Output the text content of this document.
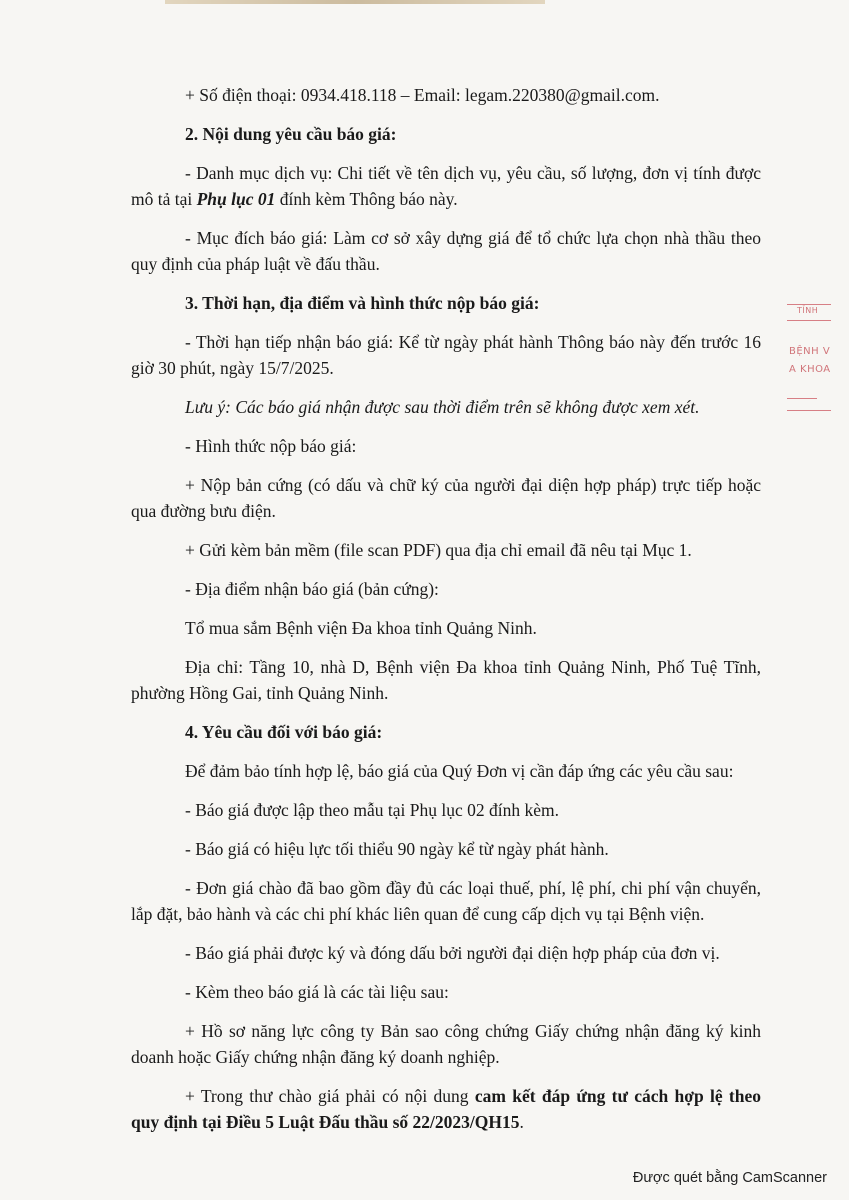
+ Số điện thoại: 0934.418.118 – Email: legam.220380@gmail.com.

2. Nội dung yêu cầu báo giá:

- Danh mục dịch vụ: Chi tiết về tên dịch vụ, yêu cầu, số lượng, đơn vị tính được mô tả tại Phụ lục 01 đính kèm Thông báo này.

- Mục đích báo giá: Làm cơ sở xây dựng giá để tổ chức lựa chọn nhà thầu theo quy định của pháp luật về đấu thầu.

3. Thời hạn, địa điểm và hình thức nộp báo giá:

- Thời hạn tiếp nhận báo giá: Kể từ ngày phát hành Thông báo này đến trước 16 giờ 30 phút, ngày 15/7/2025.

Lưu ý: Các báo giá nhận được sau thời điểm trên sẽ không được xem xét.

- Hình thức nộp báo giá:

+ Nộp bản cứng (có dấu và chữ ký của người đại diện hợp pháp) trực tiếp hoặc qua đường bưu điện.

+ Gửi kèm bản mềm (file scan PDF) qua địa chỉ email đã nêu tại Mục 1.

- Địa điểm nhận báo giá (bản cứng):

Tổ mua sắm Bệnh viện Đa khoa tỉnh Quảng Ninh.

Địa chỉ: Tầng 10, nhà D, Bệnh viện Đa khoa tỉnh Quảng Ninh, Phố Tuệ Tĩnh, phường Hồng Gai, tỉnh Quảng Ninh.

4. Yêu cầu đối với báo giá:

Để đảm bảo tính hợp lệ, báo giá của Quý Đơn vị cần đáp ứng các yêu cầu sau:

- Báo giá được lập theo mẫu tại Phụ lục 02 đính kèm.

- Báo giá có hiệu lực tối thiểu 90 ngày kể từ ngày phát hành.

- Đơn giá chào đã bao gồm đầy đủ các loại thuế, phí, lệ phí, chi phí vận chuyển, lắp đặt, bảo hành và các chi phí khác liên quan để cung cấp dịch vụ tại Bệnh viện.

- Báo giá phải được ký và đóng dấu bởi người đại diện hợp pháp của đơn vị.

- Kèm theo báo giá là các tài liệu sau:

+ Hồ sơ năng lực công ty Bản sao công chứng Giấy chứng nhận đăng ký kinh doanh hoặc Giấy chứng nhận đăng ký doanh nghiệp.

+ Trong thư chào giá phải có nội dung cam kết đáp ứng tư cách hợp lệ theo quy định tại Điều 5 Luật Đấu thầu số 22/2023/QH15.

TỈNH
BỆNH V
A KHOA
Được quét bằng CamScanner
